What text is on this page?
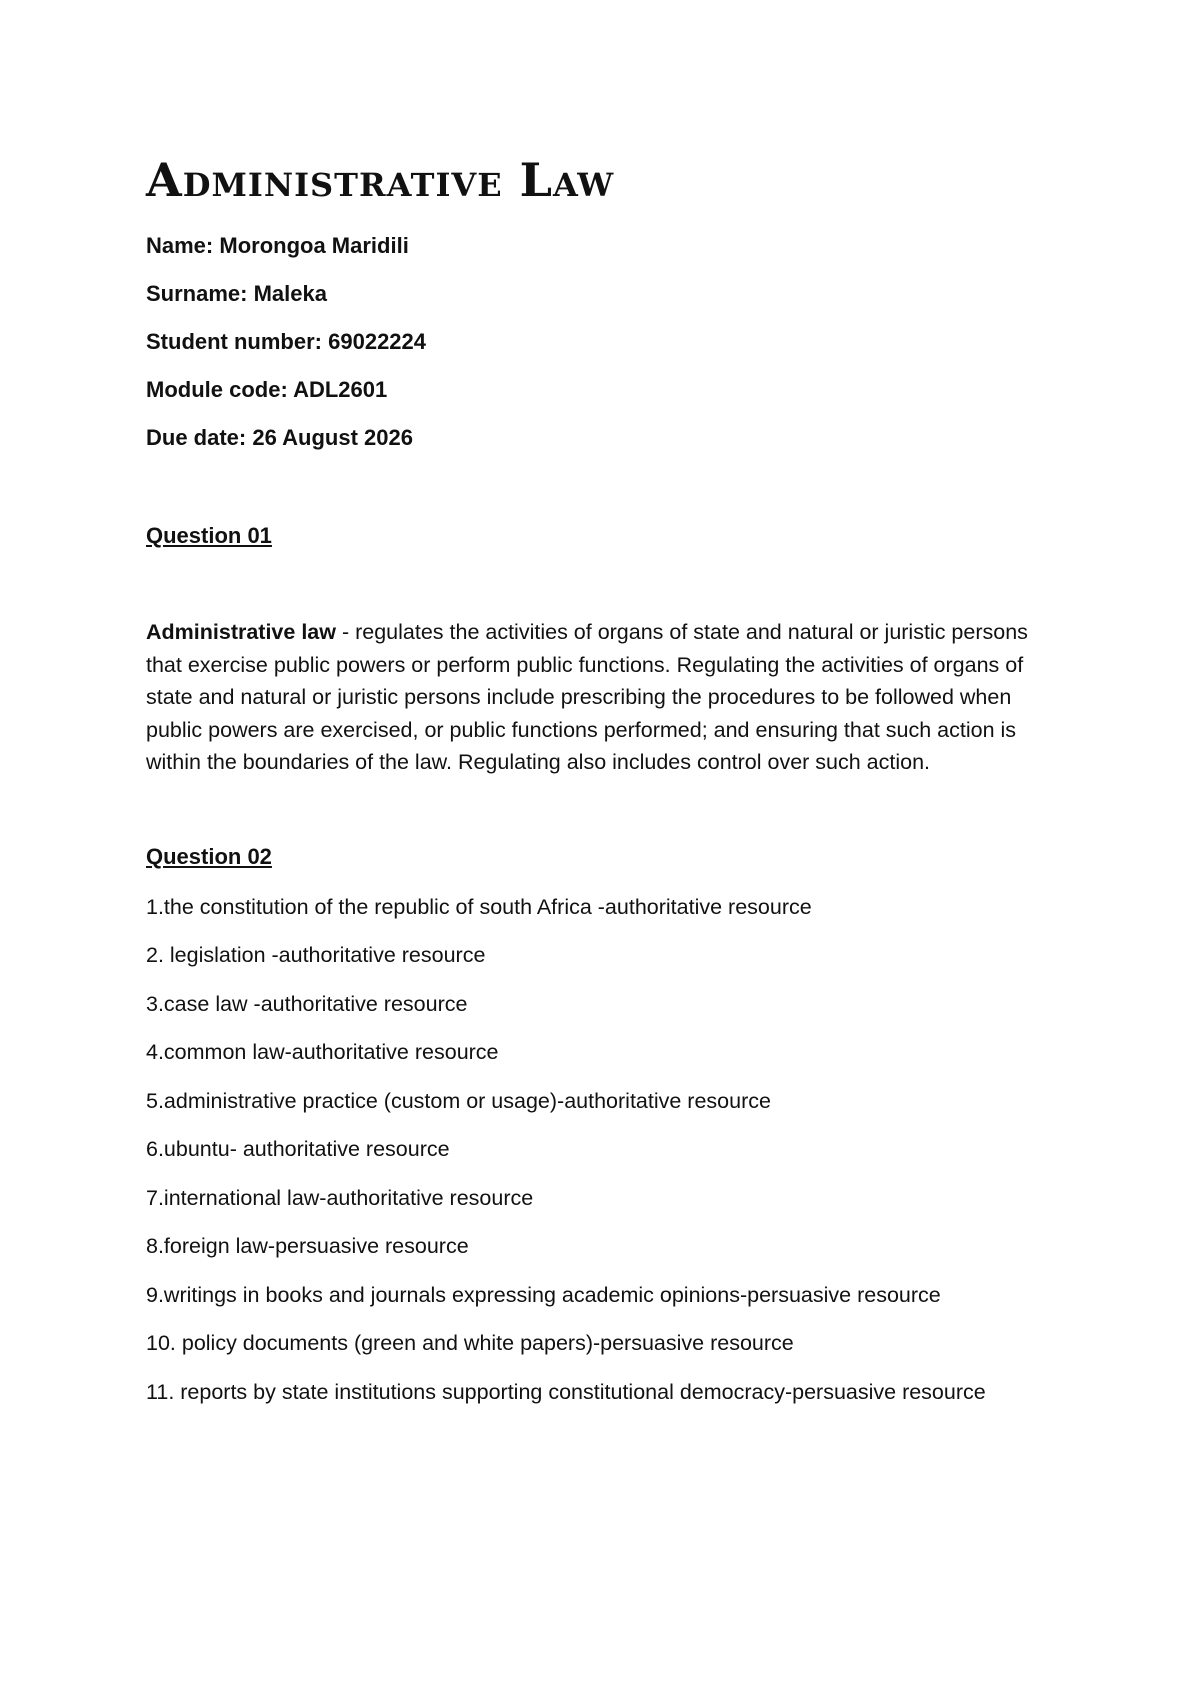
Administrative Law

Name: Morongoa Maridili

Surname: Maleka

Student number: 69022224

Module code: ADL2601

Due date: 26 August 2026

Question 01

Administrative law - regulates the activities of organs of state and natural or juristic persons that exercise public powers or perform public functions. Regulating the activities of organs of state and natural or juristic persons include prescribing the procedures to be followed when public powers are exercised, or public functions performed; and ensuring that such action is within the boundaries of the law. Regulating also includes control over such action.

Question 02
1.the constitution of the republic of south Africa -authoritative resource
2. legislation -authoritative resource
3.case law -authoritative resource
4.common law-authoritative resource
5.administrative practice (custom or usage)-authoritative resource
6.ubuntu- authoritative resource
7.international law-authoritative resource
8.foreign law-persuasive resource
9.writings in books and journals expressing academic opinions-persuasive resource
10. policy documents (green and white papers)-persuasive resource
11. reports by state institutions supporting constitutional democracy-persuasive resource
